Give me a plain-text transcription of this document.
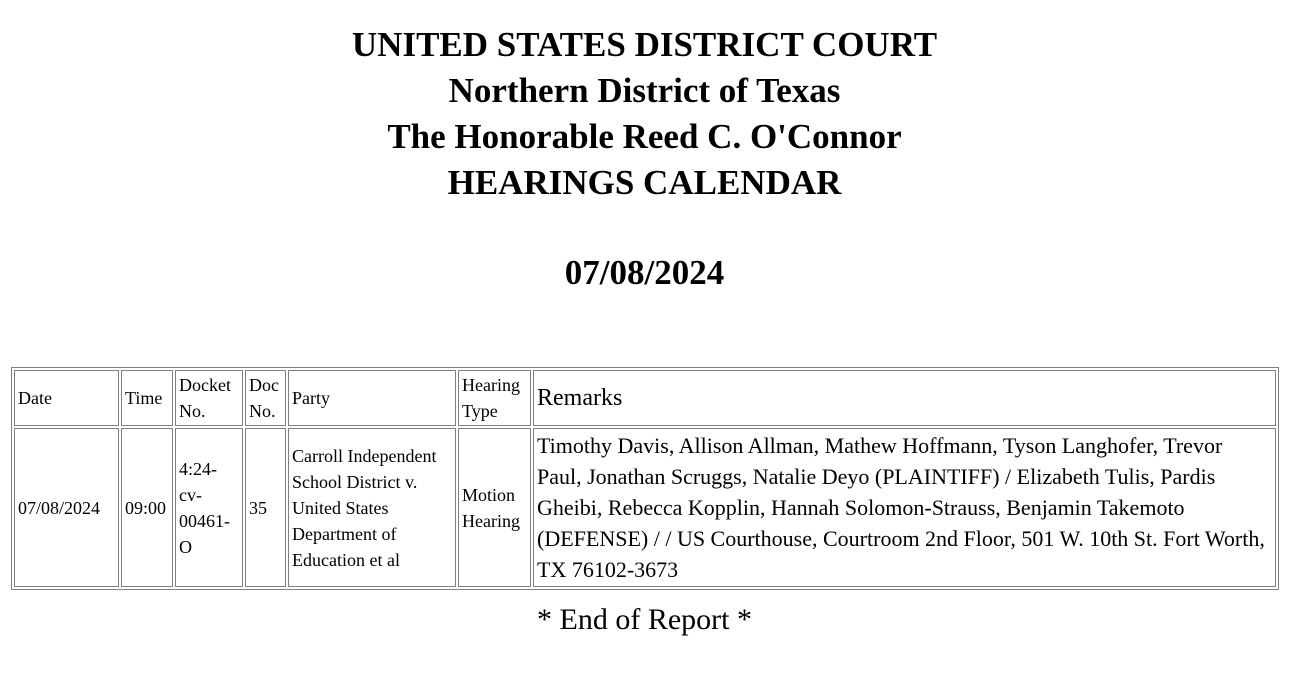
UNITED STATES DISTRICT COURT
Northern District of Texas
The Honorable Reed C. O'Connor
HEARINGS CALENDAR
07/08/2024
Date	Time	Docket No.	Doc No.	Party	Hearing Type	Remarks
07/08/2024	09:00	4:24-cv-00461-O	35	Carroll Independent School District v. United States Department of Education et al	Motion Hearing	Timothy Davis, Allison Allman, Mathew Hoffmann, Tyson Langhofer, Trevor Paul, Jonathan Scruggs, Natalie Deyo (PLAINTIFF) / Elizabeth Tulis, Pardis Gheibi, Rebecca Kopplin, Hannah Solomon-Strauss, Benjamin Takemoto (DEFENSE) / / US Courthouse, Courtroom 2nd Floor, 501 W. 10th St. Fort Worth, TX 76102-3673
* End of Report *
